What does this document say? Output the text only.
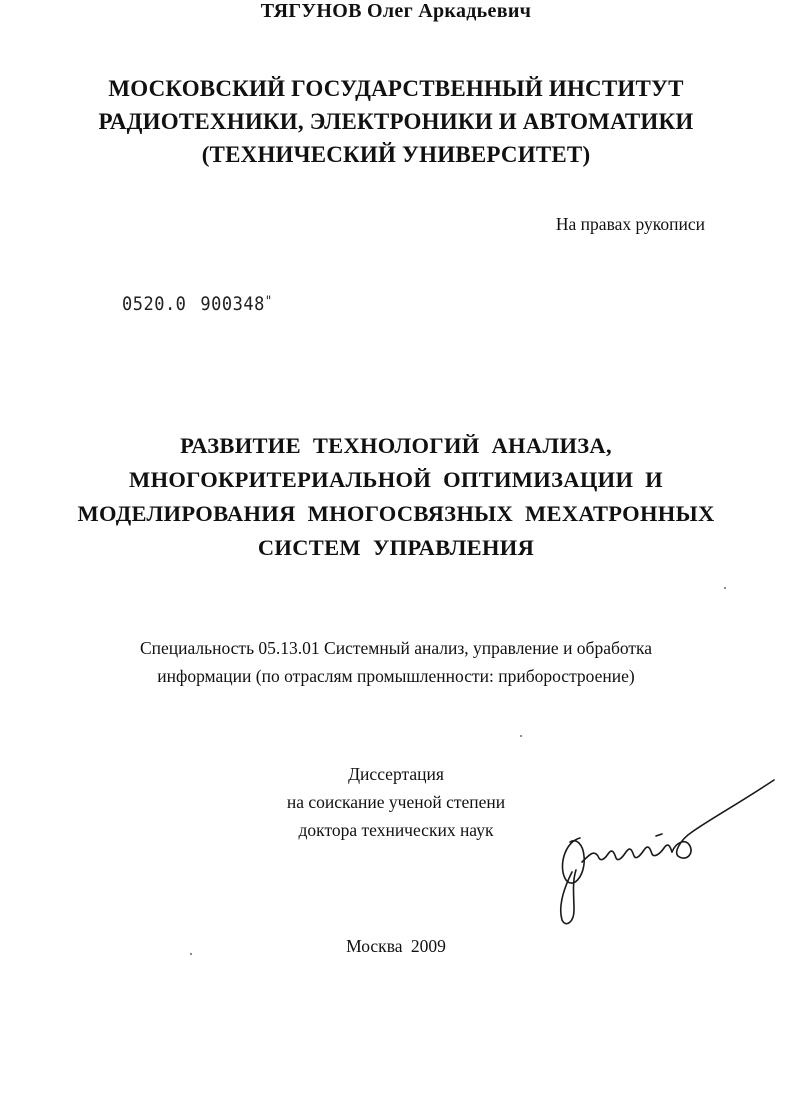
МОСКОВСКИЙ ГОСУДАРСТВЕННЫЙ ИНСТИТУТ
РАДИОТЕХНИКИ, ЭЛЕКТРОНИКИ И АВТОМАТИКИ
(ТЕХНИЧЕСКИЙ УНИВЕРСИТЕТ)
На правах рукописи
0520.0 900348"
ТЯГУНОВ Олег Аркадьевич
РАЗВИТИЕ ТЕХНОЛОГИЙ АНАЛИЗА,
МНОГОКРИТЕРИАЛЬНОЙ ОПТИМИЗАЦИИ И
МОДЕЛИРОВАНИЯ МНОГОСВЯЗНЫХ МЕХАТРОННЫХ
СИСТЕМ УПРАВЛЕНИЯ
Специальность 05.13.01 Системный анализ, управление и обработка
информации (по отраслям промышленности: приборостроение)
Диссертация
на соискание ученой степени
доктора технических наук
Москва 2009
